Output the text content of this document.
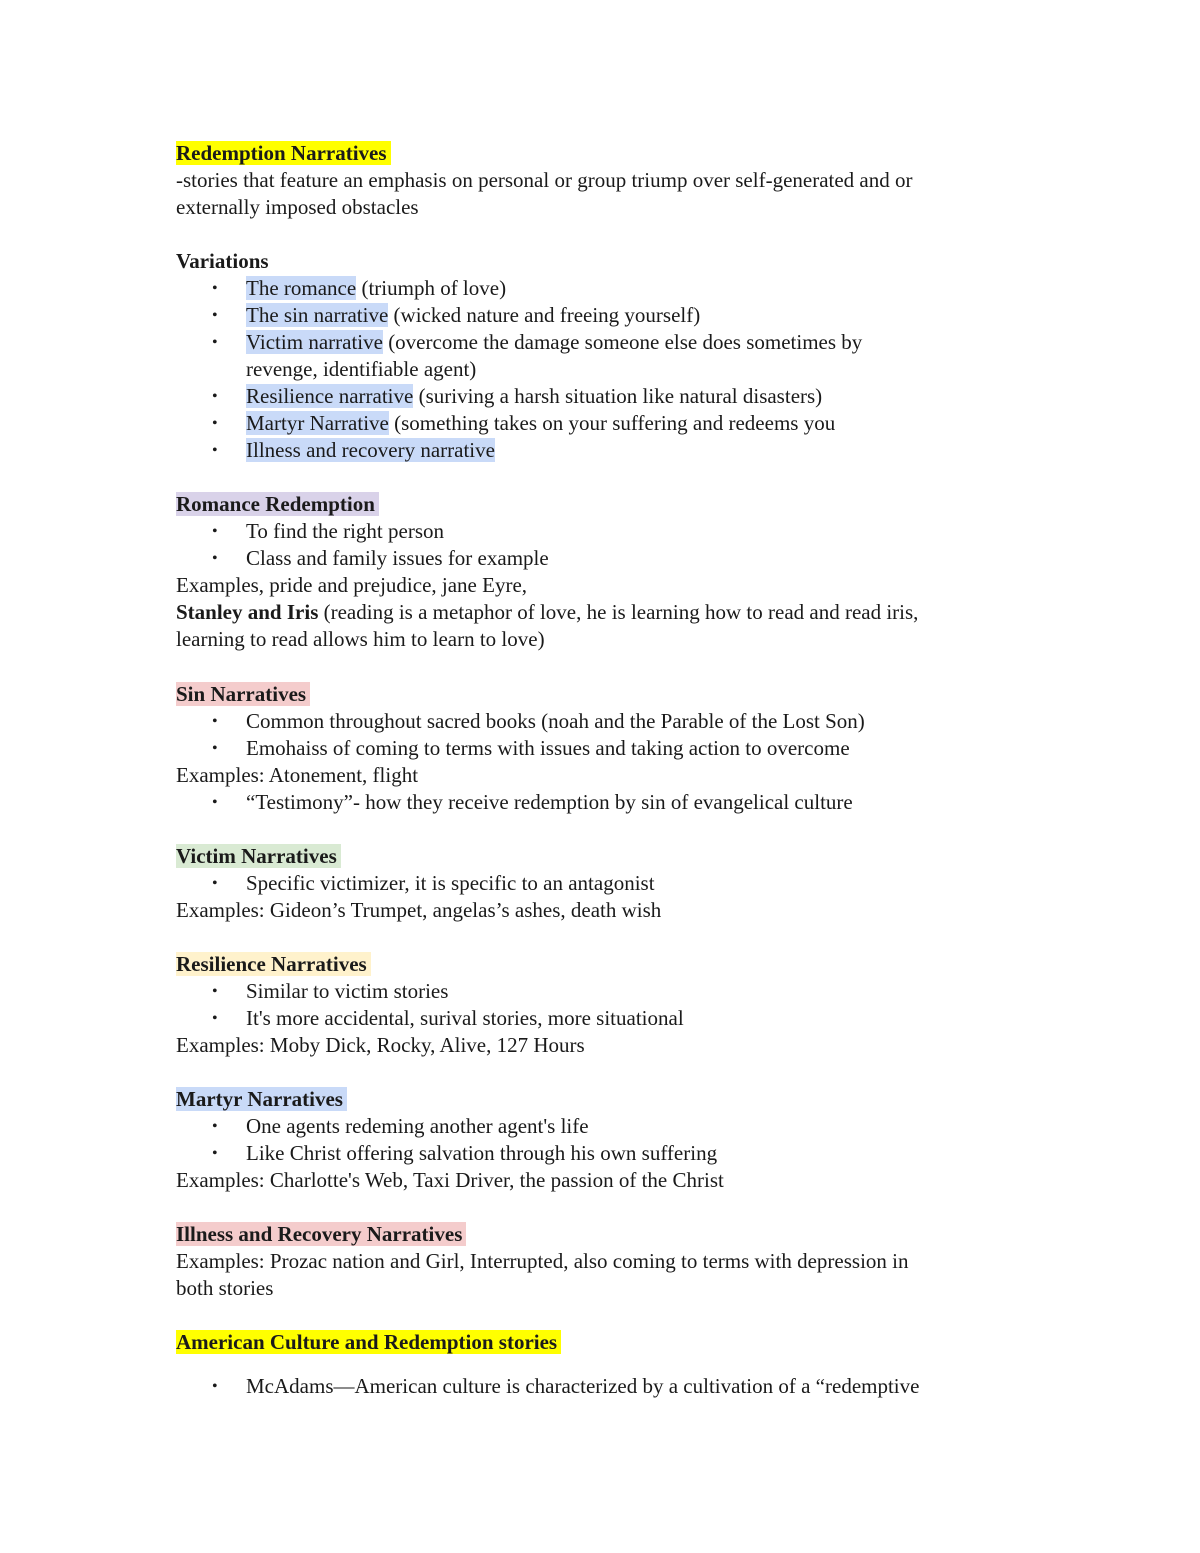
Redemption Narratives
-stories that feature an emphasis on personal or group triump over self-generated and or
externally imposed obstacles
Variations
• The romance (triumph of love)
• The sin narrative (wicked nature and freeing yourself)
• Victim narrative (overcome the damage someone else does sometimes by
revenge, identifiable agent)
• Resilience narrative (suriving a harsh situation like natural disasters)
• Martyr Narrative (something takes on your suffering and redeems you
• Illness and recovery narrative
Romance Redemption
• To find the right person
• Class and family issues for example
Examples, pride and prejudice, jane Eyre,
Stanley and Iris (reading is a metaphor of love, he is learning how to read and read iris,
learning to read allows him to learn to love)
Sin Narratives
• Common throughout sacred books (noah and the Parable of the Lost Son)
• Emohaiss of coming to terms with issues and taking action to overcome
Examples: Atonement, flight
• “Testimony”- how they receive redemption by sin of evangelical culture
Victim Narratives
• Specific victimizer, it is specific to an antagonist
Examples: Gideon’s Trumpet, angelas’s ashes, death wish
Resilience Narratives
• Similar to victim stories
• It's more accidental, surival stories, more situational
Examples: Moby Dick, Rocky, Alive, 127 Hours
Martyr Narratives
• One agents redeming another agent's life
• Like Christ offering salvation through his own suffering
Examples: Charlotte's Web, Taxi Driver, the passion of the Christ
Illness and Recovery Narratives
Examples: Prozac nation and Girl, Interrupted, also coming to terms with depression in
both stories
American Culture and Redemption stories
• McAdams—American culture is characterized by a cultivation of a “redemptive
